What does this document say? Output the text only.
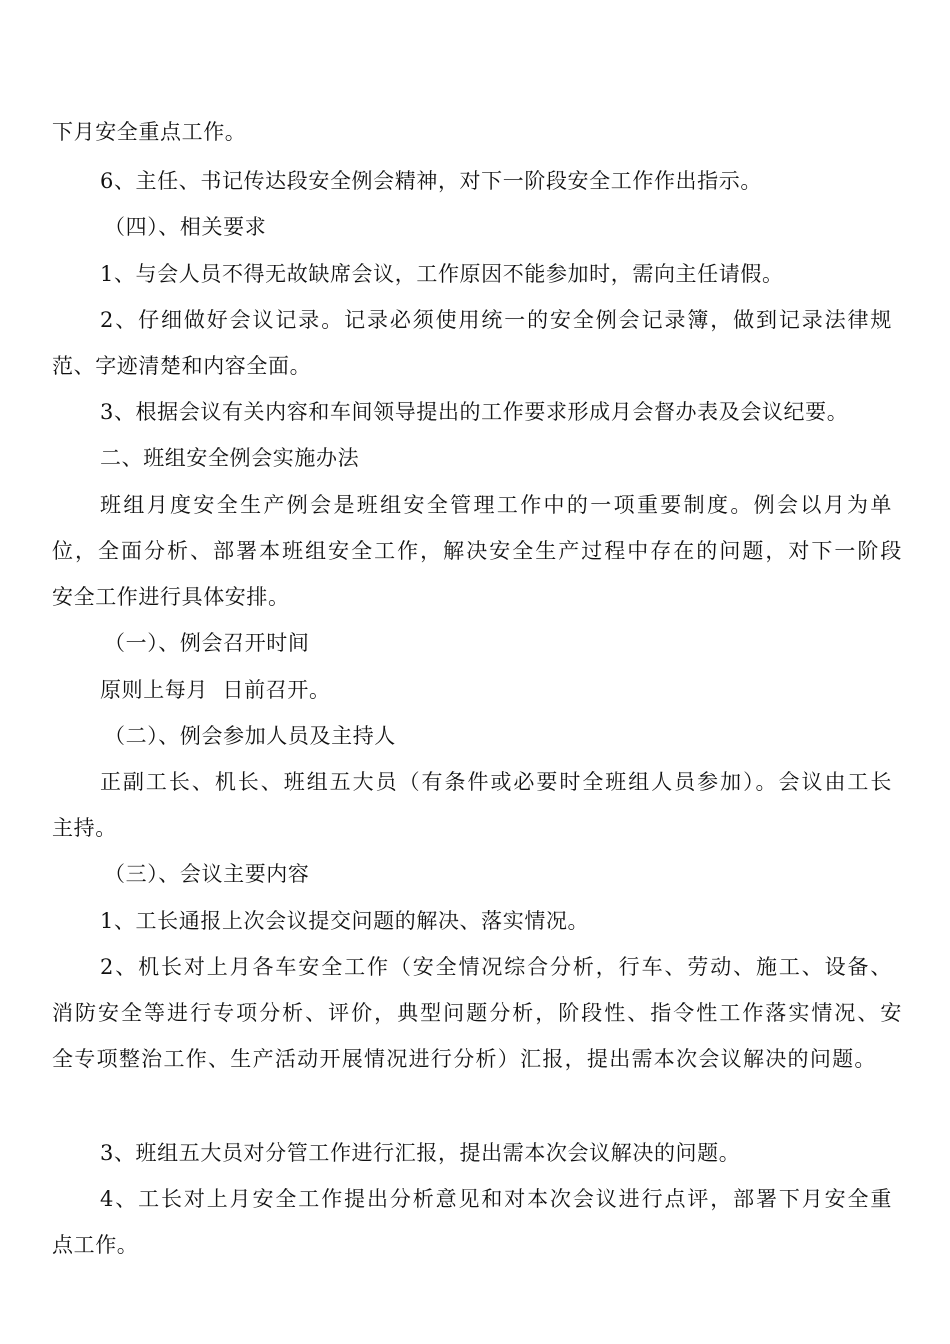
下月安全重点工作。
6、主任、书记传达段安全例会精神，对下一阶段安全工作作出指示。
（四）、相关要求
1、与会人员不得无故缺席会议，工作原因不能参加时，需向主任请假。
2、仔细做好会议记录。记录必须使用统一的安全例会记录簿，做到记录法律规
范、字迹清楚和内容全面。
3、根据会议有关内容和车间领导提出的工作要求形成月会督办表及会议纪要。
二、班组安全例会实施办法
班组月度安全生产例会是班组安全管理工作中的一项重要制度。例会以月为单
位，全面分析、部署本班组安全工作，解决安全生产过程中存在的问题，对下一阶段
安全工作进行具体安排。
（一）、例会召开时间
原则上每月  日前召开。
（二）、例会参加人员及主持人
正副工长、机长、班组五大员（有条件或必要时全班组人员参加）。会议由工长
主持。
（三）、会议主要内容
1、工长通报上次会议提交问题的解决、落实情况。
2、机长对上月各车安全工作（安全情况综合分析，行车、劳动、施工、设备、
消防安全等进行专项分析、评价，典型问题分析，阶段性、指令性工作落实情况、安
全专项整治工作、生产活动开展情况进行分析）汇报，提出需本次会议解决的问题。
3、班组五大员对分管工作进行汇报，提出需本次会议解决的问题。
4、工长对上月安全工作提出分析意见和对本次会议进行点评，部署下月安全重
点工作。
